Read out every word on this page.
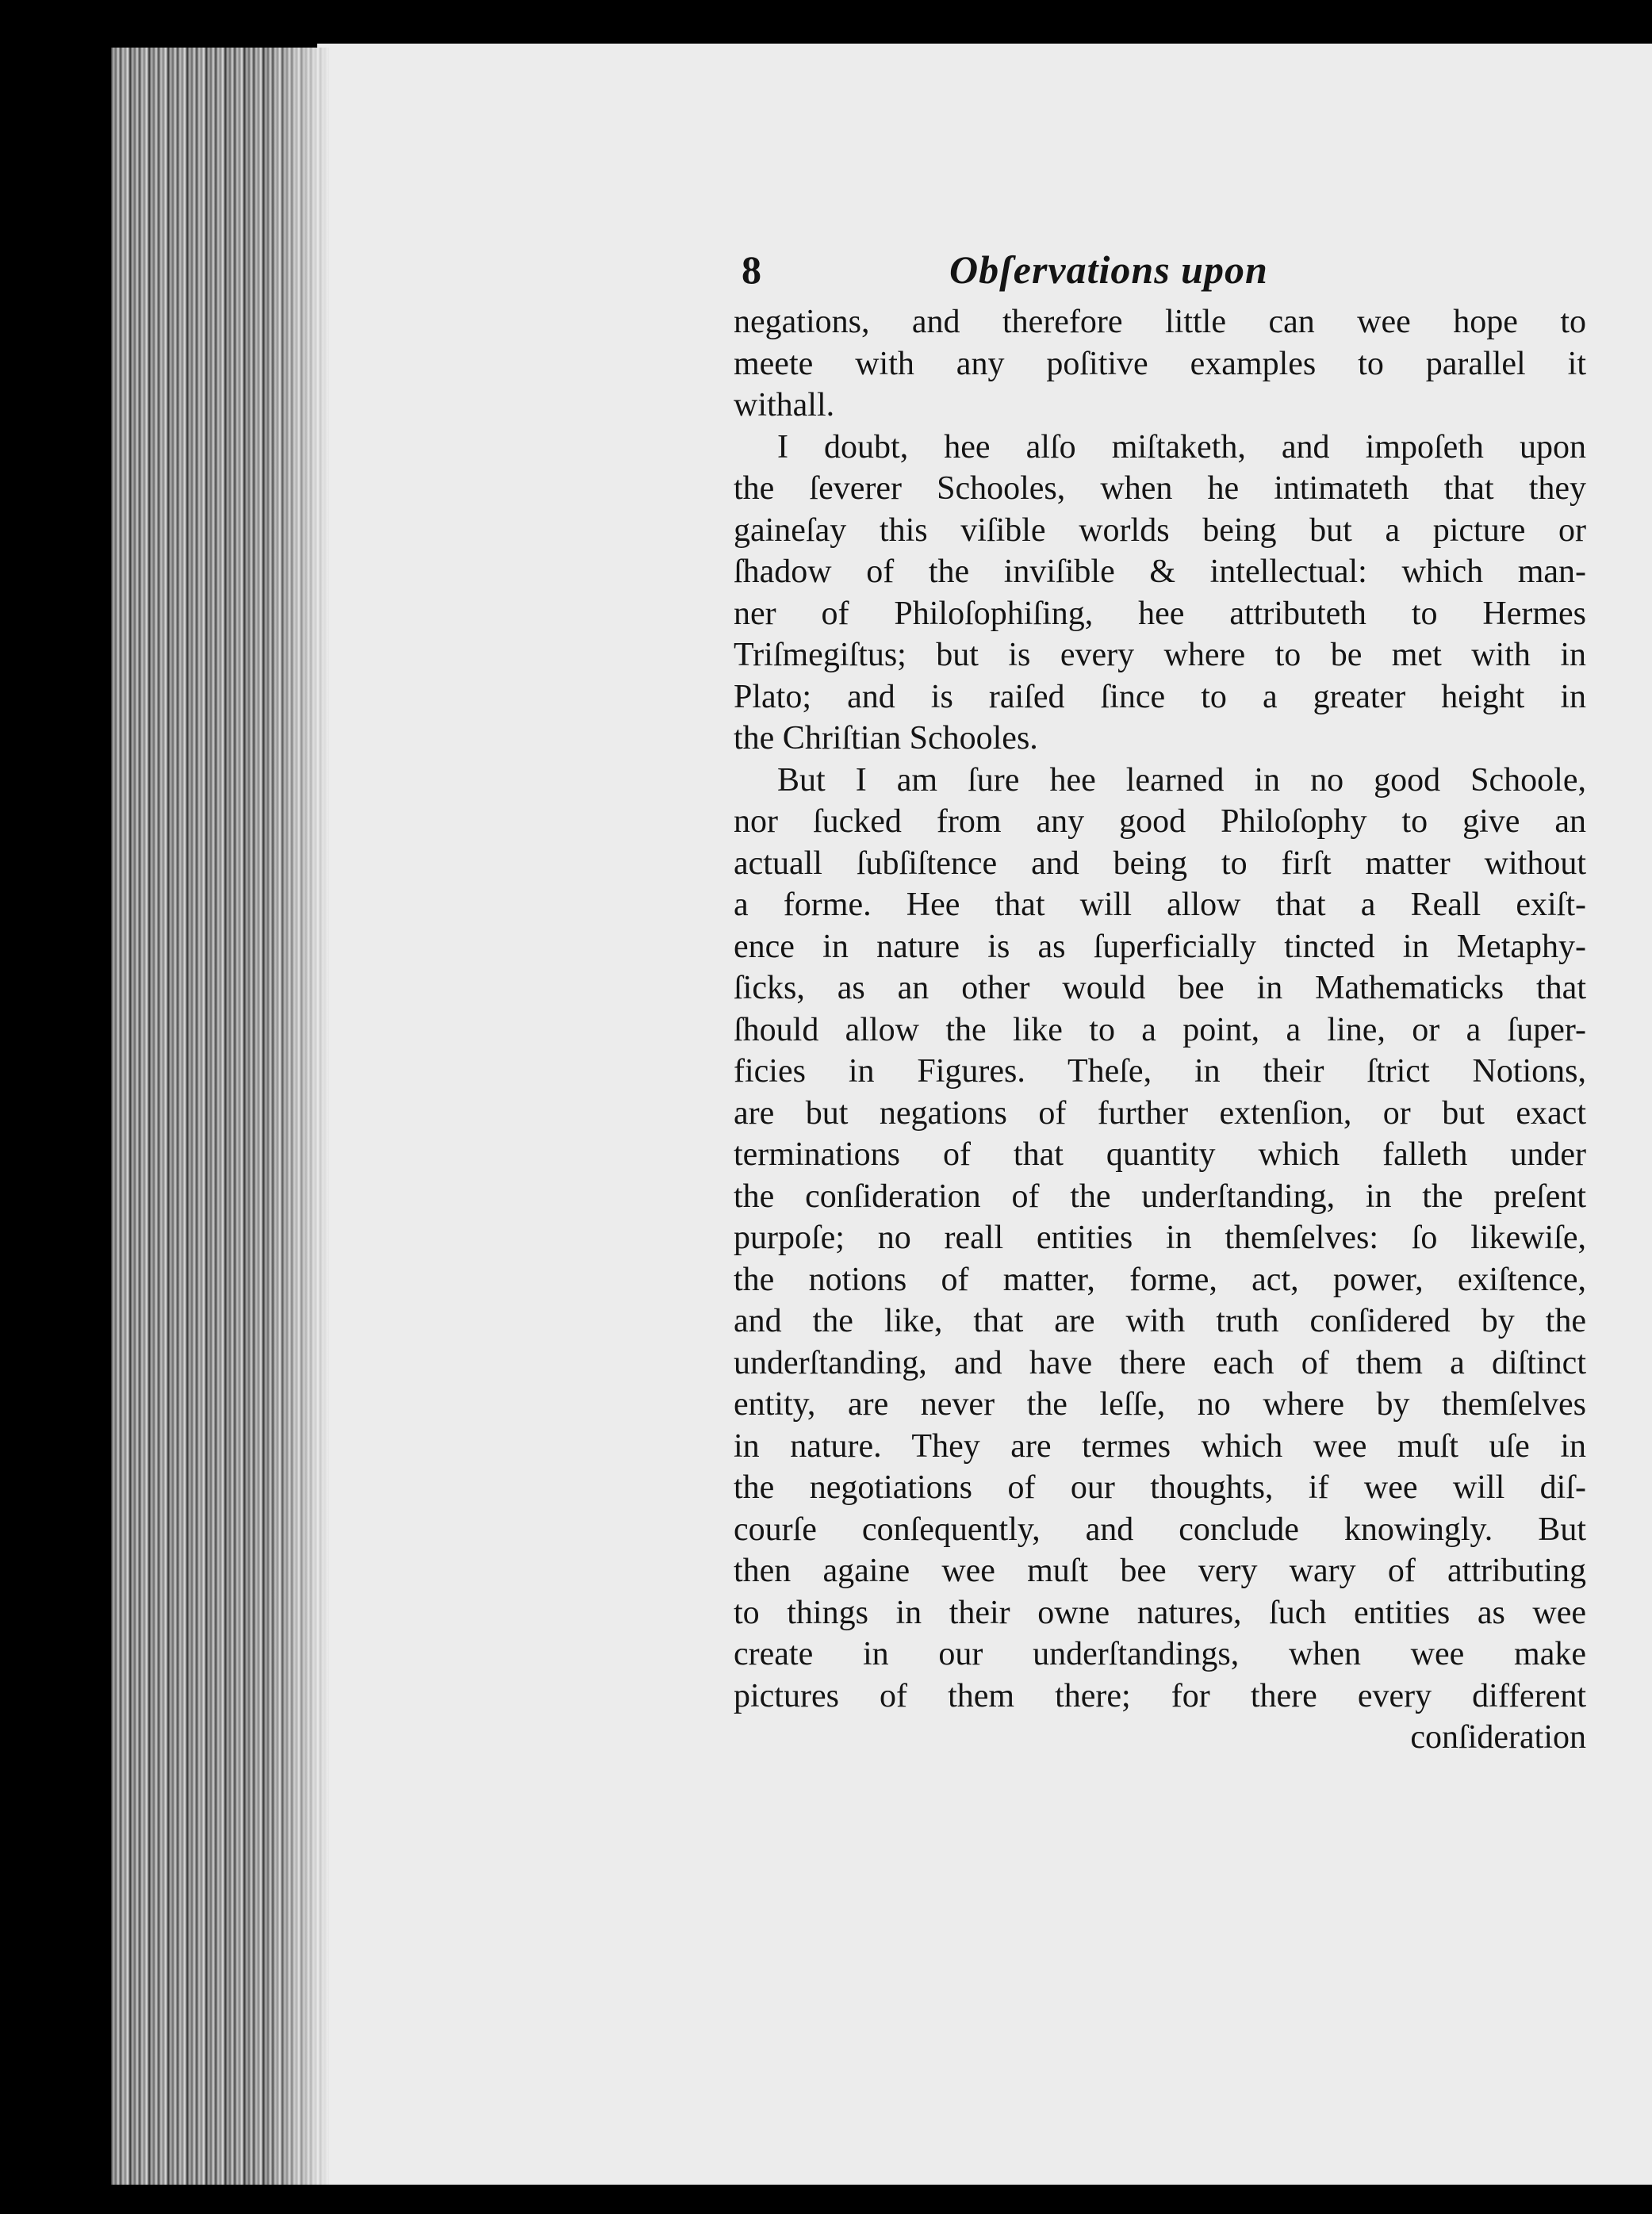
8	Obſervations upon
negations, and therefore little can wee hope to
meete with any poſitive examples to parallel it
withall.
I doubt, hee alſo miſtaketh, and impoſeth upon
the ſeverer Schooles, when he intimateth that they
gaineſay this viſible worlds being but a picture or
ſhadow of the inviſible & intellectual: which man-
ner of Philoſophiſing, hee attributeth to Hermes
Triſmegiſtus; but is every where to be met with in
Plato; and is raiſed ſince to a greater height in
the Chriſtian Schooles.
But I am ſure hee learned in no good Schoole,
nor ſucked from any good Philoſophy to give an
actuall ſubſiſtence and being to firſt matter without
a forme. Hee that will allow that a Reall exiſt-
ence in nature is as ſuperficially tincted in Metaphy-
ſicks, as an other would bee in Mathematicks that
ſhould allow the like to a point, a line, or a ſuper-
ficies in Figures. Theſe, in their ſtrict Notions,
are but negations of further extenſion, or but exact
terminations of that quantity which falleth under
the conſideration of the underſtanding, in the preſent
purpoſe; no reall entities in themſelves: ſo likewiſe,
the notions of matter, forme, act, power, exiſtence,
and the like, that are with truth conſidered by the
underſtanding, and have there each of them a diſtinct
entity, are never the leſſe, no where by themſelves
in nature. They are termes which wee muſt uſe in
the negotiations of our thoughts, if wee will diſ-
courſe conſequently, and conclude knowingly. But
then againe wee muſt bee very wary of attributing
to things in their owne natures, ſuch entities as wee
create in our underſtandings, when wee make
pictures of them there; for there every different
conſideration
